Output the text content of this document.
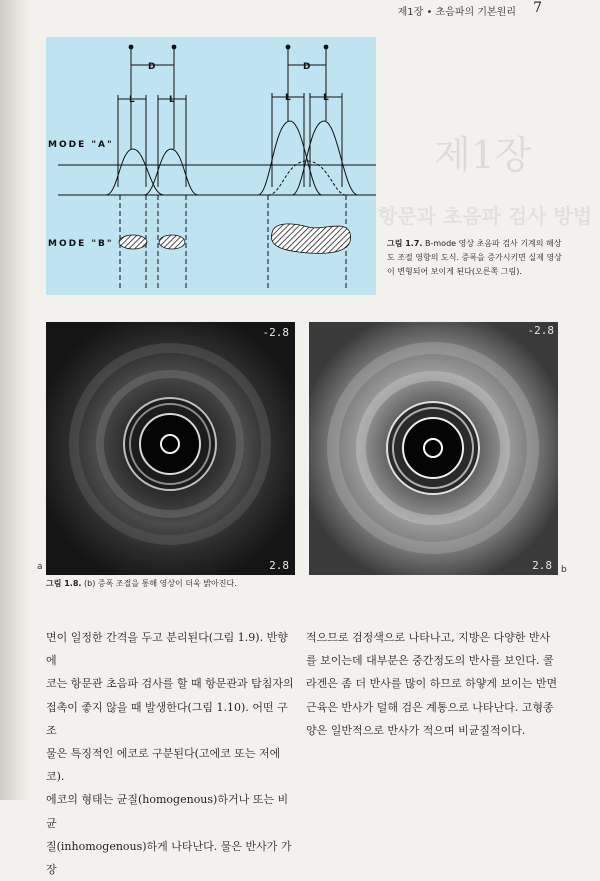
제1장 • 초음파의 기본원리 7
MODE "A"
MODE "B"
D	D
L	L	L	L
제1장
항문과 초음파 검사 방법
그림 1.7. B-mode 영상 초음파 검사 기계의 해상도 조절 영향의 도식. 증폭을 증가시키면 실제 영상이 변형되어 보이게 된다(오른쪽 그림).
-2.8
2.8
a
-2.8
2.8 b
그림 1.8. (b) 증폭 조절을 통해 영상이 더욱 밝아진다.
면이 일정한 간격을 두고 분리된다(그림 1.9). 반향 에
코는 항문관 초음파 검사를 할 때 항문관과 탐침자의
접촉이 좋지 않을 때 발생한다(그림 1.10). 어떤 구조
물은 특징적인 에코로 구분된다(고에코 또는 저에코).
에코의 형태는 균질(homogenous)하거나 또는 비균
질(inhomogenous)하게 나타난다. 물은 반사가 가장
적으므로 검정색으로 나타나고, 지방은 다양한 반사
를 보이는데 대부분은 중간정도의 반사를 보인다. 콜
라겐은 좀 더 반사를 많이 하므로 하얗게 보이는 반면
근육은 반사가 덜해 검은 계통으로 나타난다. 고형종
양은 일반적으로 반사가 적으며 비균질적이다.
